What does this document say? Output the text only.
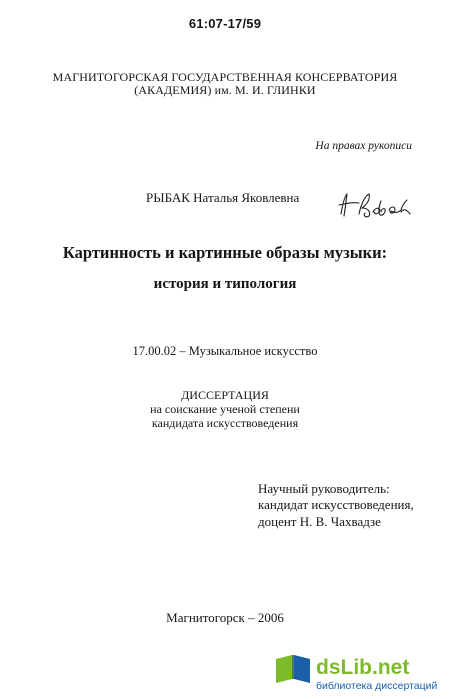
61:07-17/59
МАГНИТОГОРСКАЯ ГОСУДАРСТВЕННАЯ КОНСЕРВАТОРИЯ
(АКАДЕМИЯ) им. М. И. ГЛИНКИ
На правах рукописи
РЫБАК Наталья Яковлевна
Картинность и картинные образы музыки:
история и типология
17.00.02 – Музыкальное искусство
ДИССЕРТАЦИЯ
на соискание ученой степени
кандидата искусствоведения
Научный руководитель:
кандидат искусствоведения,
доцент Н. В. Чахвадзе
Магнитогорск – 2006
dsLib.net
библиотека диссертаций
